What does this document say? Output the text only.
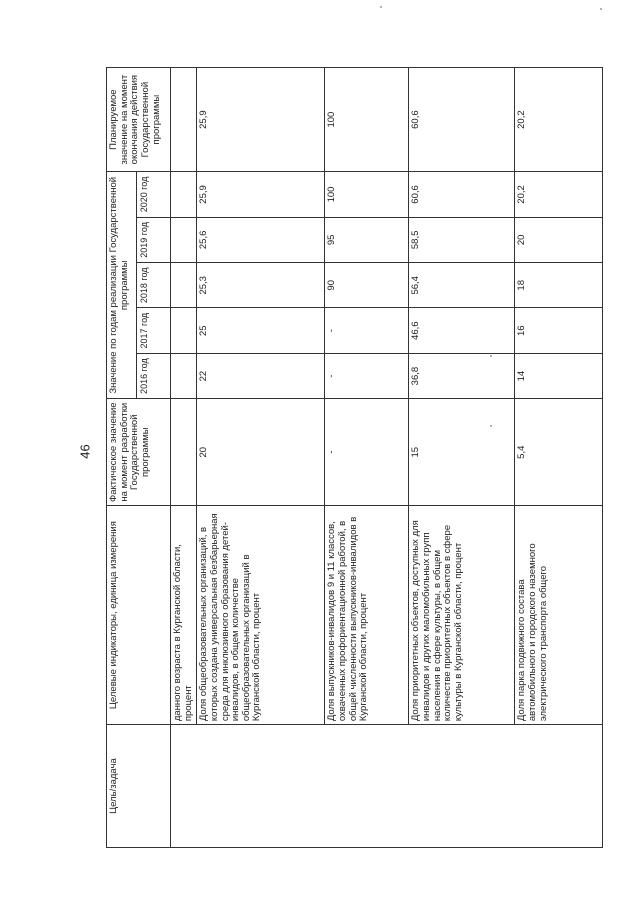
46
Цель/задача	Целевые индикаторы, единица измерения	Фактическое значение на момент разработки Государственной программы	Значение по годам реализации Государственной программы					Планируемое значение на момент окончания действия Государственной программы
			2016 год	2017 год	2018 год	2019 год	2020 год	
	данного возраста в Курганской области, процент							
	Доля общеобразовательных организаций, в которых создана универсальная безбарьерная среда для инклюзивного образования детей-инвалидов, в общем количестве общеобразовательных организаций в Курганской области, процент	20	22	25	25,3	25,6	25,9	25,9
	Доля выпускников-инвалидов 9 и 11 классов, охваченных профориентационной работой, в общей численности выпускников-инвалидов в Курганской области, процент	-	-	-	90	95	100	100
	Доля приоритетных объектов, доступных для инвалидов и других маломобильных групп населения в сфере культуры, в общем количестве приоритетных объектов в сфере культуры в Курганской области, процент	15	36,8	46,6	56,4	58,5	60,6	60,6
	Доля парка подвижного состава автомобильного и городского наземного электрического транспорта общего	5,4	14	16	18	20	20,2	20,2
